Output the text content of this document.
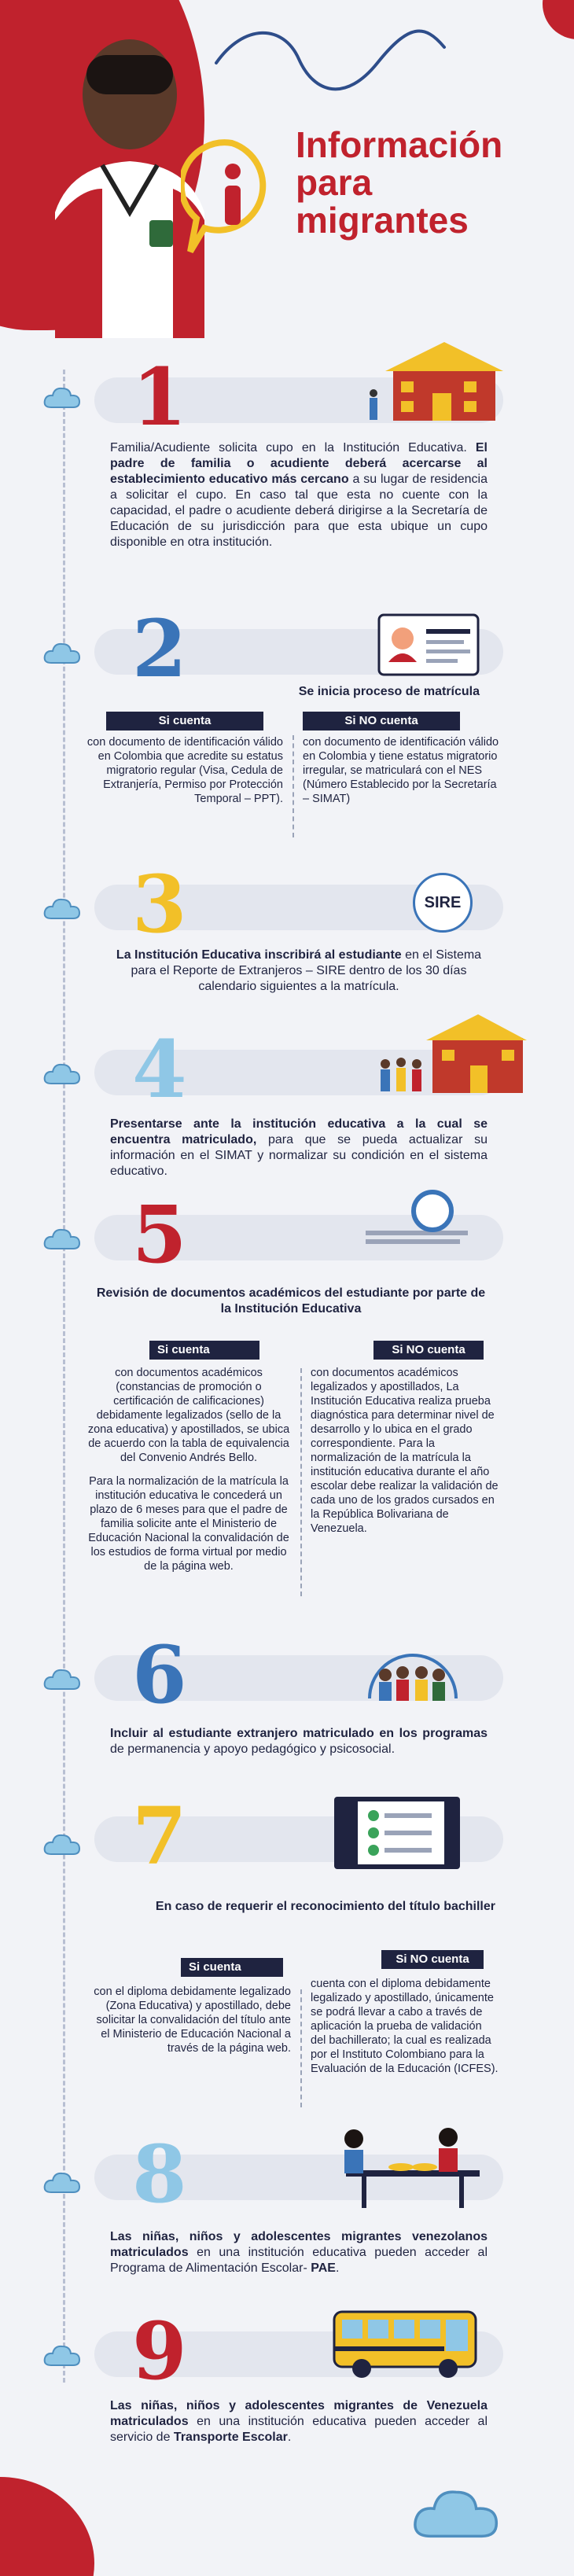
Información
para
migrantes
1
Familia/Acudiente solicita cupo en la Institución Educativa. El padre de familia o acudiente deberá acercarse al establecimiento educativo más cercano a su lugar de residencia a solicitar el cupo. En caso tal que esta no cuente con la capacidad, el padre o acudiente deberá dirigirse a la Secretaría de Educación de su jurisdicción para que esta ubique un cupo disponible en otra institución.
2	Se inicia proceso de matrícula
Si cuenta
con documento de identificación válido en Colombia que acredite su estatus migratorio regular (Visa, Cedula de Extranjería, Permiso por Protección Temporal – PPT).
Si NO cuenta
con documento de identificación válido en Colombia y tiene estatus migratorio irregular, se matriculará con el NES (Número Establecido por la Secretaría – SIMAT)
3	SIRE
La Institución Educativa inscribirá al estudiante en el Sistema para el Reporte de Extranjeros – SIRE dentro de los 30 días calendario siguientes a la matrícula.
4
Presentarse ante la institución educativa a la cual se encuentra matriculado, para que se pueda actualizar su información en el SIMAT y normalizar su condición en el sistema educativo.
5
Revisión de documentos académicos del estudiante por parte de la Institución Educativa
Si cuenta
con documentos académicos (constancias de promoción o certificación de calificaciones) debidamente legalizados (sello de la zona educativa) y apostillados, se ubica de acuerdo con la tabla de equivalencia del Convenio Andrés Bello.
Para la normalización de la matrícula la institución educativa le concederá un plazo de 6 meses para que el padre de familia solicite ante el Ministerio de Educación Nacional la convalidación de los estudios de forma virtual por medio de la página web.
Si NO cuenta
con documentos académicos legalizados y apostillados, La Institución Educativa realiza prueba diagnóstica para determinar nivel de desarrollo y lo ubica en el grado correspondiente. Para la normalización de la matrícula la institución educativa durante el año escolar debe realizar la validación de cada uno de los grados cursados en la República Bolivariana de Venezuela.
6
Incluir al estudiante extranjero matriculado en los programas de permanencia y apoyo pedagógico y psicosocial.
7
En caso de requerir el reconocimiento del título bachiller
Si cuenta
con el diploma debidamente legalizado (Zona Educativa) y apostillado, debe solicitar la convalidación del título ante el Ministerio de Educación Nacional a través de la página web.
Si NO cuenta
cuenta con el diploma debidamente legalizado y apostillado, únicamente se podrá llevar a cabo a través de aplicación la prueba de validación del bachillerato; la cual es realizada por el Instituto Colombiano para la Evaluación de la Educación (ICFES).
8
Las niñas, niños y adolescentes migrantes venezolanos matriculados en una institución educativa pueden acceder al Programa de Alimentación Escolar- PAE.
9
Las niñas, niños y adolescentes migrantes de Venezuela matriculados en una institución educativa pueden acceder al servicio de Transporte Escolar.
